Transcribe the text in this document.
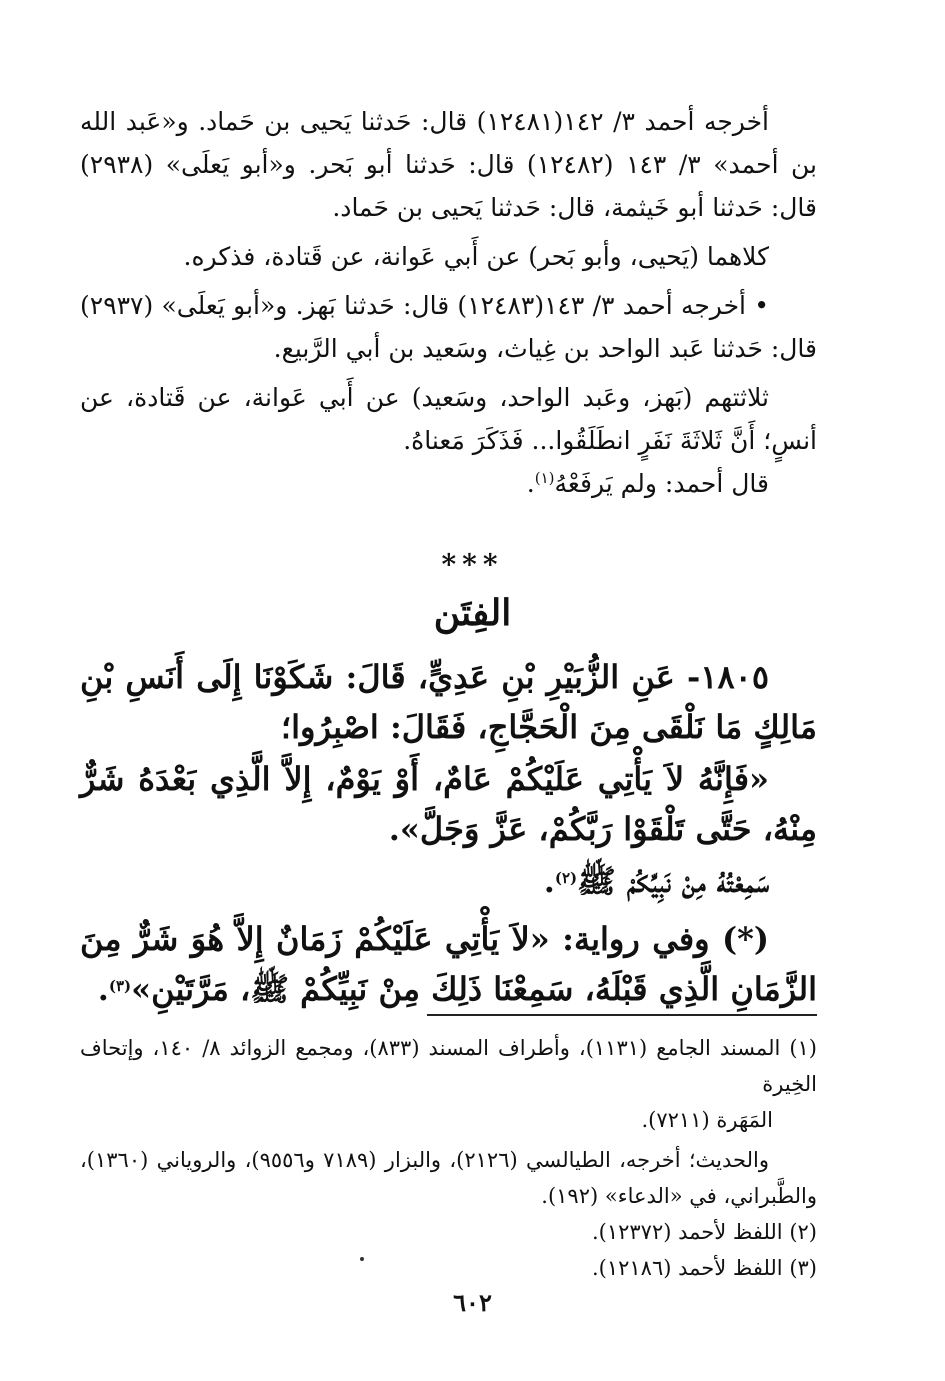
أخرجه أحمد ٣/ ١٤٢(١٢٤٨١) قال: حَدثنا يَحيى بن حَماد. و«عَبد الله بن أحمد» ٣/ ١٤٣ (١٢٤٨٢) قال: حَدثنا أبو بَحر. و«أبو يَعلَى» (٢٩٣٨) قال: حَدثنا أبو خَيثمة، قال: حَدثنا يَحيى بن حَماد.

كلاهما (يَحيى، وأبو بَحر) عن أَبي عَوانة، عن قَتادة، فذكره.

• أخرجه أحمد ٣/ ١٤٣(١٢٤٨٣) قال: حَدثنا بَهز. و«أبو يَعلَى» (٢٩٣٧) قال: حَدثنا عَبد الواحد بن غِياث، وسَعيد بن أبي الرَّبيع.

ثلاثتهم (بَهز، وعَبد الواحد، وسَعيد) عن أَبي عَوانة، عن قَتادة، عن أنسٍ؛ أَنَّ ثَلاثَةَ نَفَرٍ انطَلَقُوا... فَذَكَرَ مَعناهُ.

قال أحمد: ولم يَرفَعْهُ$^{(١)}$.

***
الفِتَن

١٨٠٥- عَنِ الزُّبَيْرِ بْنِ عَدِيٍّ، قَالَ: شَكَوْنَا إِلَى أَنَسِ بْنِ مَالِكٍ مَا نَلْقَى مِنَ الْحَجَّاجِ، فَقَالَ: اصْبِرُوا؛

«فَإِنَّهُ لاَ يَأْتِي عَلَيْكُمْ عَامٌ، أَوْ يَوْمٌ، إِلاَّ الَّذِي بَعْدَهُ شَرٌّ مِنْهُ، حَتَّى تَلْقَوْا رَبَّكُمْ، عَزَّ وَجَلَّ».

سَمِعْتُهُ مِنْ نَبِيِّكُمْ ﷺ$^{(٢)}$.

(*) وفي رواية: «لاَ يَأْتِي عَلَيْكُمْ زَمَانٌ إِلاَّ هُوَ شَرٌّ مِنَ الزَّمَانِ الَّذِي قَبْلَهُ، سَمِعْنَا ذَلِكَ مِنْ نَبِيِّكُمْ ﷺ، مَرَّتَيْنِ»$^{(٣)}$.

(١) المسند الجامع (١١٣١)، وأطراف المسند (٨٣٣)، ومجمع الزوائد ٨/ ١٤٠، وإتحاف الخِيرة

المَهَرة (٧٢١١).

والحديث؛ أخرجه، الطيالسي (٢١٢٦)، والبزار (٧١٨٩ و٩٥٥٦)، والروياني (١٣٦٠)، والطَّبراني، في «الدعاء» (١٩٢).

(٢) اللفظ لأحمد (١٢٣٧٢).

(٣) اللفظ لأحمد (١٢١٨٦).

٦٠٢
